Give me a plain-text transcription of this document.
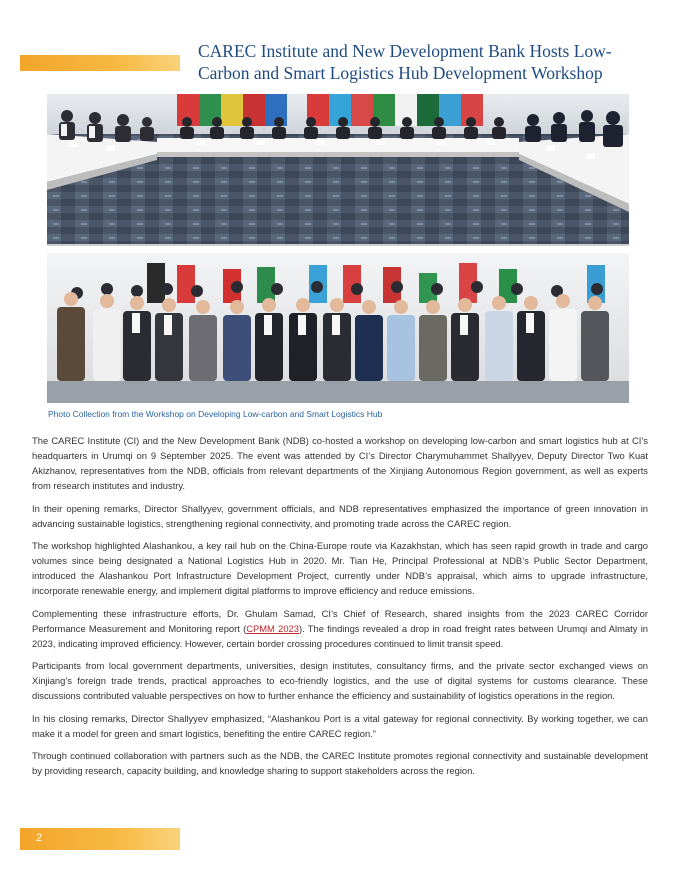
CAREC Institute and New Development Bank Hosts Low-Carbon and Smart Logistics Hub Development Workshop
Photo Collection from the Workshop on Developing Low-carbon and Smart Logistics Hub

The CAREC Institute (CI) and the New Development Bank (NDB) co-hosted a workshop on developing low-carbon and smart logistics hub at CI’s headquarters in Urumqi on 9 September 2025. The event was attended by CI’s Director Charymuhammet Shallyyev, Deputy Director Two Kuat Akizhanov, representatives from the NDB, officials from relevant departments of the Xinjiang Autonomous Region government, as well as experts from research institutes and industry.

In their opening remarks, Director Shallyyev, government officials, and NDB representatives emphasized the importance of green innovation in advancing sustainable logistics, strengthening regional connectivity, and promoting trade across the CAREC region.

The workshop highlighted Alashankou, a key rail hub on the China-Europe route via Kazakhstan, which has seen rapid growth in trade and cargo volumes since being designated a National Logistics Hub in 2020. Mr. Tian He, Principal Professional at NDB’s Public Sector Department, introduced the Alashankou Port Infrastructure Development Project, currently under NDB’s appraisal, which aims to upgrade infrastructure, incorporate renewable energy, and implement digital platforms to improve efficiency and reduce emissions.

Complementing these infrastructure efforts, Dr. Ghulam Samad, CI’s Chief of Research, shared insights from the 2023 CAREC Corridor Performance Measurement and Monitoring report (CPMM 2023). The findings revealed a drop in road freight rates between Urumqi and Almaty in 2023, indicating improved efficiency. However, certain border crossing procedures continued to limit transit speed.

Participants from local government departments, universities, design institutes, consultancy firms, and the private sector exchanged views on Xinjiang’s foreign trade trends, practical approaches to eco-friendly logistics, and the use of digital systems for customs clearance. These discussions contributed valuable perspectives on how to further enhance the efficiency and sustainability of logistics operations in the region.

In his closing remarks, Director Shallyyev emphasized, “Alashankou Port is a vital gateway for regional connectivity. By working together, we can make it a model for green and smart logistics, benefiting the entire CAREC region.”

Through continued collaboration with partners such as the NDB, the CAREC Institute promotes regional connectivity and sustainable development by providing research, capacity building, and knowledge sharing to support stakeholders across the region.

2
